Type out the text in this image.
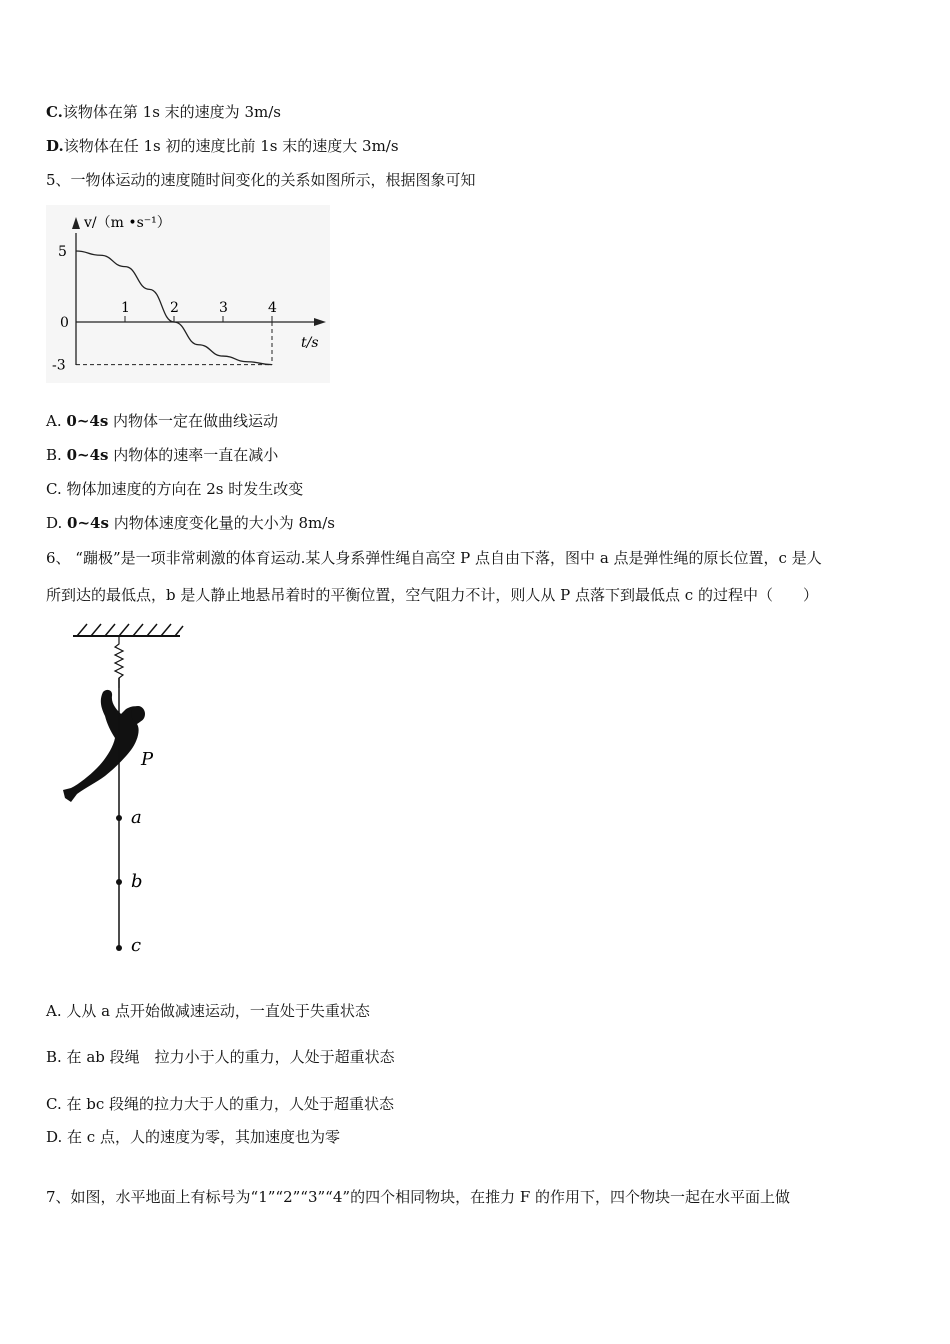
C.该物体在第 1s 末的速度为 3m/s
D.该物体在任 1s 初的速度比前 1s 末的速度大 3m/s
5、一物体运动的速度随时间变化的关系如图所示，根据图象可知
0
1	2	3	4
5
-3
v/（m •s⁻¹）
t/s
A. 0~4s 内物体一定在做曲线运动
B. 0~4s 内物体的速率一直在减小
C. 物体加速度的方向在 2s 时发生改变
D. 0~4s 内物体速度变化量的大小为 8m/s
6、 “蹦极”是一项非常刺激的体育运动.某人身系弹性绳自高空 P 点自由下落，图中 a 点是弹性绳的原长位置，c 是人
所到达的最低点，b 是人静止地悬吊着时的平衡位置，空气阻力不计，则人从 P 点落下到最低点 c 的过程中（　　）
P
a
b
c
A. 人从 a 点开始做减速运动，一直处于失重状态
B. 在 ab 段绳　拉力小于人的重力，人处于超重状态
C. 在 bc 段绳的拉力大于人的重力，人处于超重状态
D. 在 c 点，人的速度为零，其加速度也为零
7、如图，水平地面上有标号为“1”“2”“3”“4”的四个相同物块，在推力 F 的作用下，四个物块一起在水平面上做
